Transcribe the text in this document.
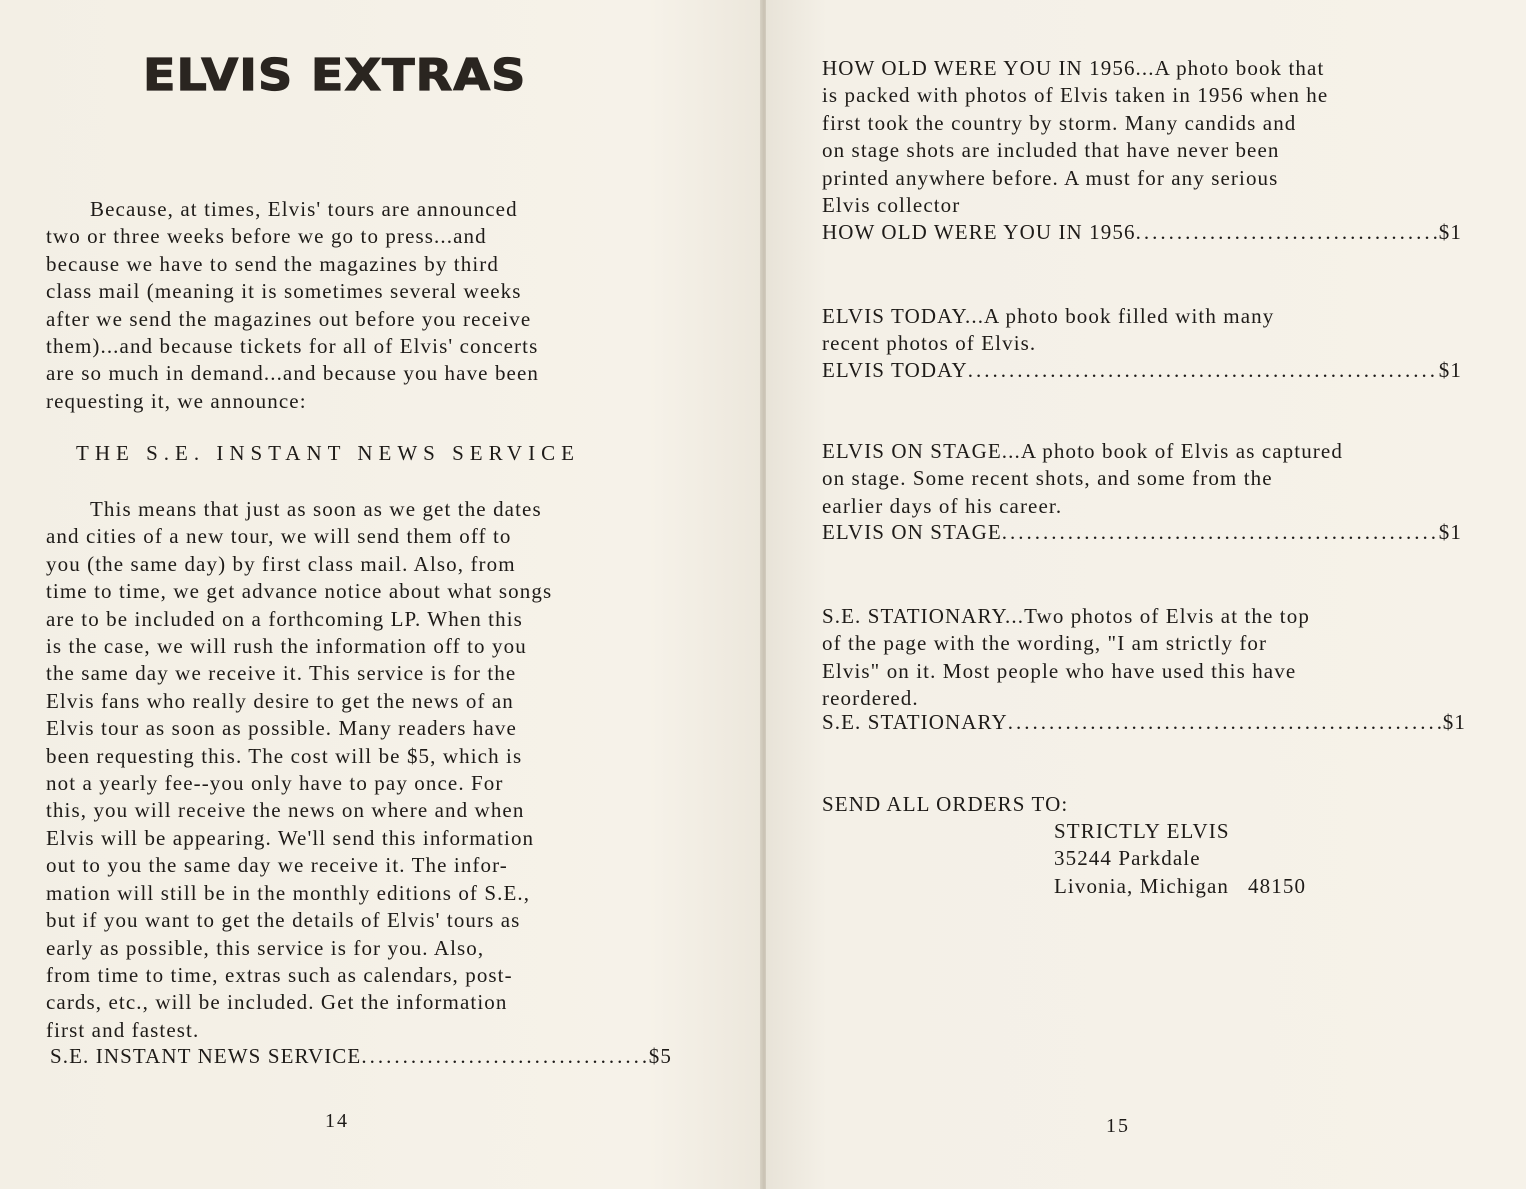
ELVIS EXTRAS
Because, at times, Elvis' tours are announced
two or three weeks before we go to press...and
because we have to send the magazines by third
class mail (meaning it is sometimes several weeks
after we send the magazines out before you receive
them)...and because tickets for all of Elvis' concerts
are so much in demand...and because you have been
requesting it, we announce:
THE S.E. INSTANT NEWS SERVICE
This means that just as soon as we get the dates
and cities of a new tour, we will send them off to
you (the same day) by first class mail. Also, from
time to time, we get advance notice about what songs
are to be included on a forthcoming LP. When this
is the case, we will rush the information off to you
the same day we receive it. This service is for the
Elvis fans who really desire to get the news of an
Elvis tour as soon as possible. Many readers have
been requesting this. The cost will be $5, which is
not a yearly fee--you only have to pay once. For
this, you will receive the news on where and when
Elvis will be appearing. We'll send this information
out to you the same day we receive it. The infor-
mation will still be in the monthly editions of S.E.,
but if you want to get the details of Elvis' tours as
early as possible, this service is for you. Also,
from time to time, extras such as calendars, post-
cards, etc., will be included. Get the information
first and fastest.
S.E. INSTANT NEWS SERVICE .....	$5
14
HOW OLD WERE YOU IN 1956...A photo book that
is packed with photos of Elvis taken in 1956 when he
first took the country by storm. Many candids and
on stage shots are included that have never been
printed anywhere before. A must for any serious
Elvis collector
HOW OLD WERE YOU IN 1956 .....	$1
ELVIS TODAY...A photo book filled with many
recent photos of Elvis.
ELVIS TODAY .....	$1
ELVIS ON STAGE...A photo book of Elvis as captured
on stage. Some recent shots, and some from the
earlier days of his career.
ELVIS ON STAGE .....	$1
S.E. STATIONARY...Two photos of Elvis at the top
of the page with the wording, "I am strictly for
Elvis" on it. Most people who have used this have
reordered.
S.E. STATIONARY .....	$1
SEND ALL ORDERS TO:
STRICTLY ELVIS
35244 Parkdale
Livonia, Michigan   48150
15
